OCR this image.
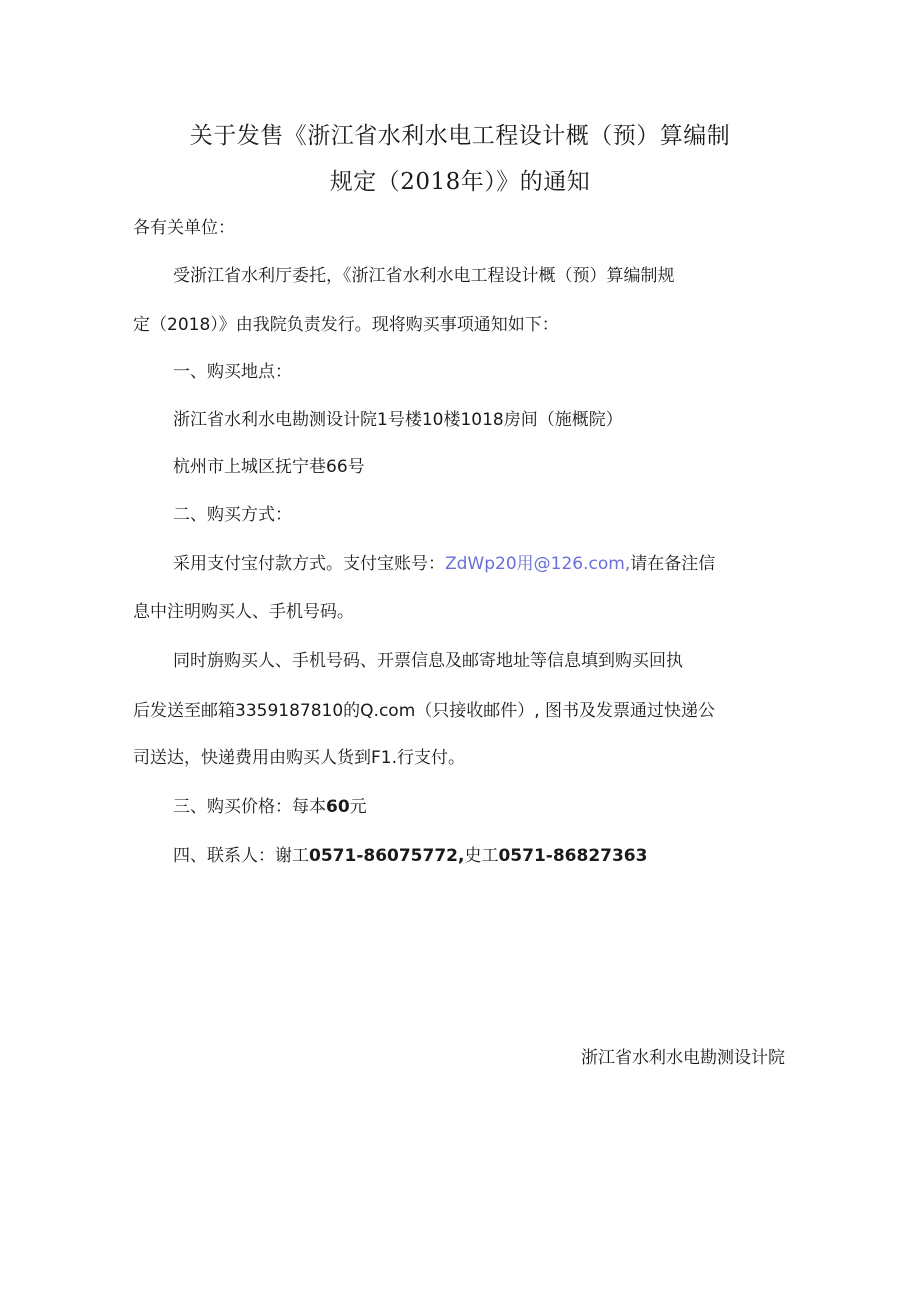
关于发售《浙江省水利水电工程设计概（预）算编制
规定（2018年）》的通知
各有关单位：
受浙江省水利厅委托，《浙江省水利水电工程设计概（预）算编制规
定（2018）》由我院负责发行。现将购买事项通知如下：
一、购买地点：
浙江省水利水电勘测设计院1号楼10楼1018房间（施概院）
杭州市上城区抚宁巷66号
二、购买方式：
采用支付宝付款方式。支付宝账号：ZdWp20用@126.com,请在备注信
息中注明购买人、手机号码。
同时旃购买人、手机号码、开票信息及邮寄地址等信息填到购买回执
后发送至邮箱3359187810的Q.com（只接收邮件）, 图书及发票通过快递公
司送达，快递费用由购买人货到F1.行支付。
三、购买价格：每本60元
四、联系人：谢工0571-86075772,史工0571-86827363
浙江省水利水电勘测设计院
